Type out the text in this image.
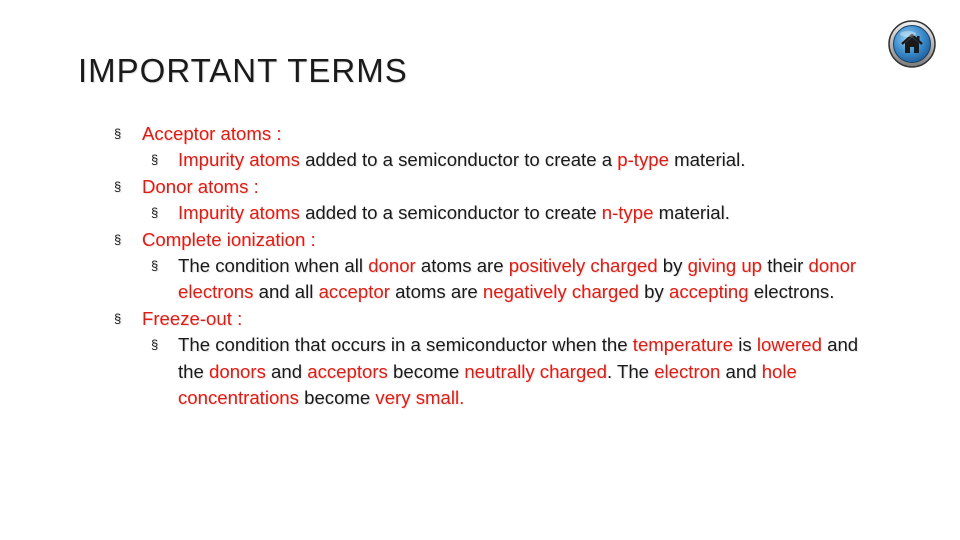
IMPORTANT TERMS
§ Acceptor atoms :
§ Impurity atoms added to a semiconductor to create a p-type material.
§ Donor atoms :
§ Impurity atoms added to a semiconductor to create n-type material.
§ Complete ionization :
§ The condition when all donor atoms are positively charged by giving up their donor electrons and all acceptor atoms are negatively charged by accepting electrons.
§ Freeze-out :
§ The condition that occurs in a semiconductor when the temperature is lowered and the donors and acceptors become neutrally charged. The electron and hole concentrations become very small.
